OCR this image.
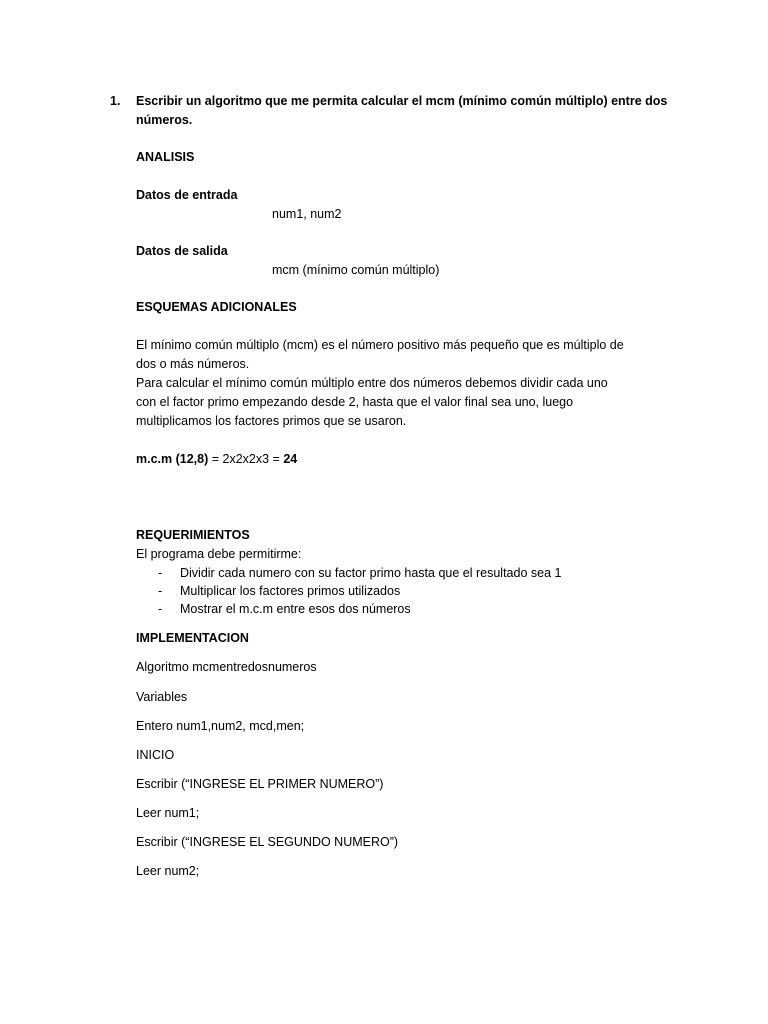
1. Escribir un algoritmo que me permita calcular el mcm (mínimo común múltiplo) entre dos
números.
ANALISIS
Datos de entrada
num1, num2
Datos de salida
mcm (mínimo común múltiplo)
ESQUEMAS ADICIONALES
El mínimo común múltiplo (mcm) es el número positivo más pequeño que es múltiplo de
dos o más números.
Para calcular el mínimo común múltiplo entre dos números debemos dividir cada uno
con el factor primo empezando desde 2, hasta que el valor final sea uno, luego
multiplicamos los factores primos que se usaron.
m.c.m (12,8) = 2x2x2x3 = 24
REQUERIMIENTOS
El programa debe permitirme:
- Dividir cada numero con su factor primo hasta que el resultado sea 1
- Multiplicar los factores primos utilizados
- Mostrar el m.c.m entre esos dos números
IMPLEMENTACION
Algoritmo mcmentredosnumeros
Variables
Entero num1,num2, mcd,men;
INICIO
Escribir (“INGRESE EL PRIMER NUMERO”)
Leer num1;
Escribir (“INGRESE EL SEGUNDO NUMERO”)
Leer num2;
